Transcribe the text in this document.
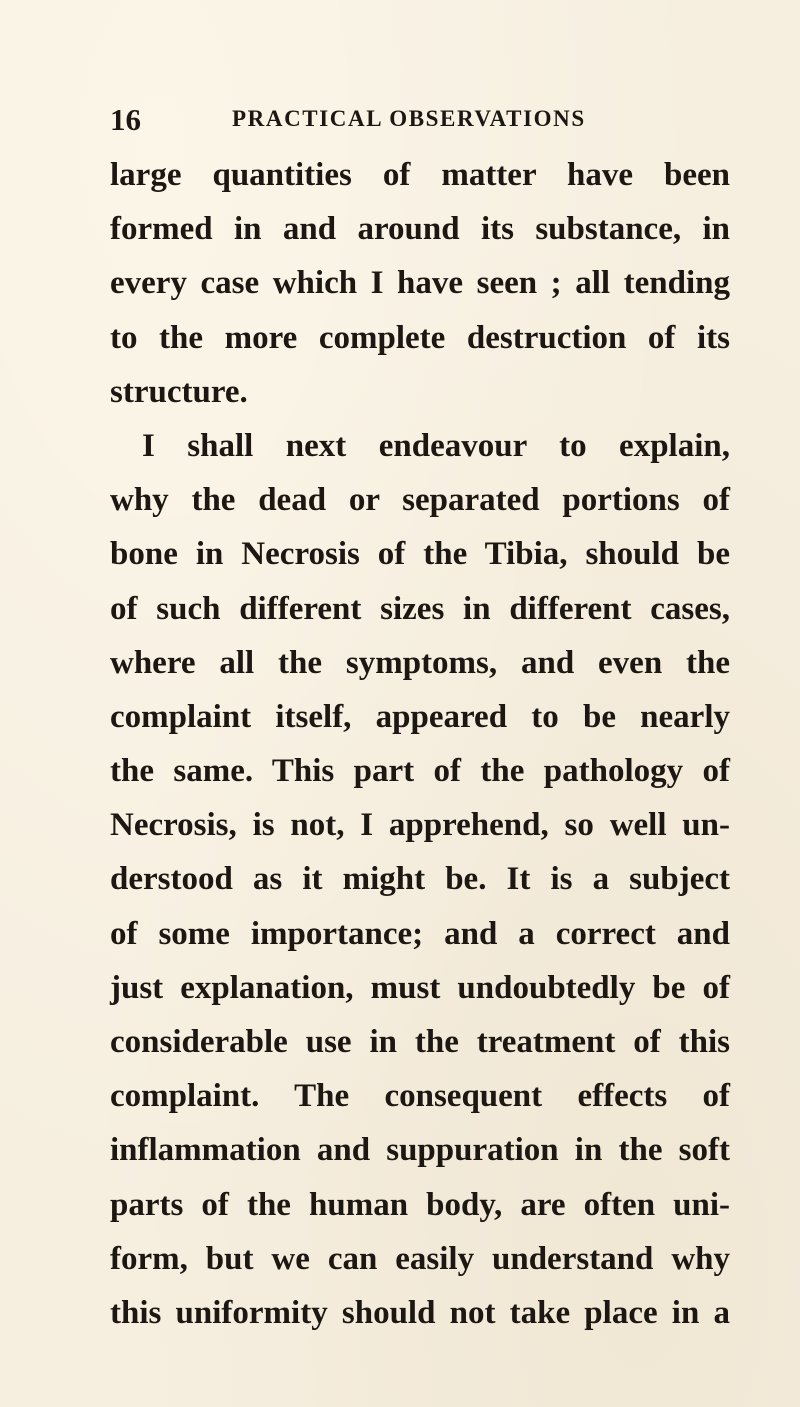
16	PRACTICAL OBSERVATIONS
large quantities of matter have been
formed in and around its substance, in
every case which I have seen ; all tending
to the more complete destruction of its
structure.
I shall next endeavour to explain,
why the dead or separated portions of
bone in Necrosis of the Tibia, should be
of such different sizes in different cases,
where all the symptoms, and even the
complaint itself, appeared to be nearly
the same. This part of the pathology of
Necrosis, is not, I apprehend, so well un-
derstood as it might be. It is a subject
of some importance; and a correct and
just explanation, must undoubtedly be of
considerable use in the treatment of this
complaint. The consequent effects of
inflammation and suppuration in the soft
parts of the human body, are often uni-
form, but we can easily understand why
this uniformity should not take place in a
